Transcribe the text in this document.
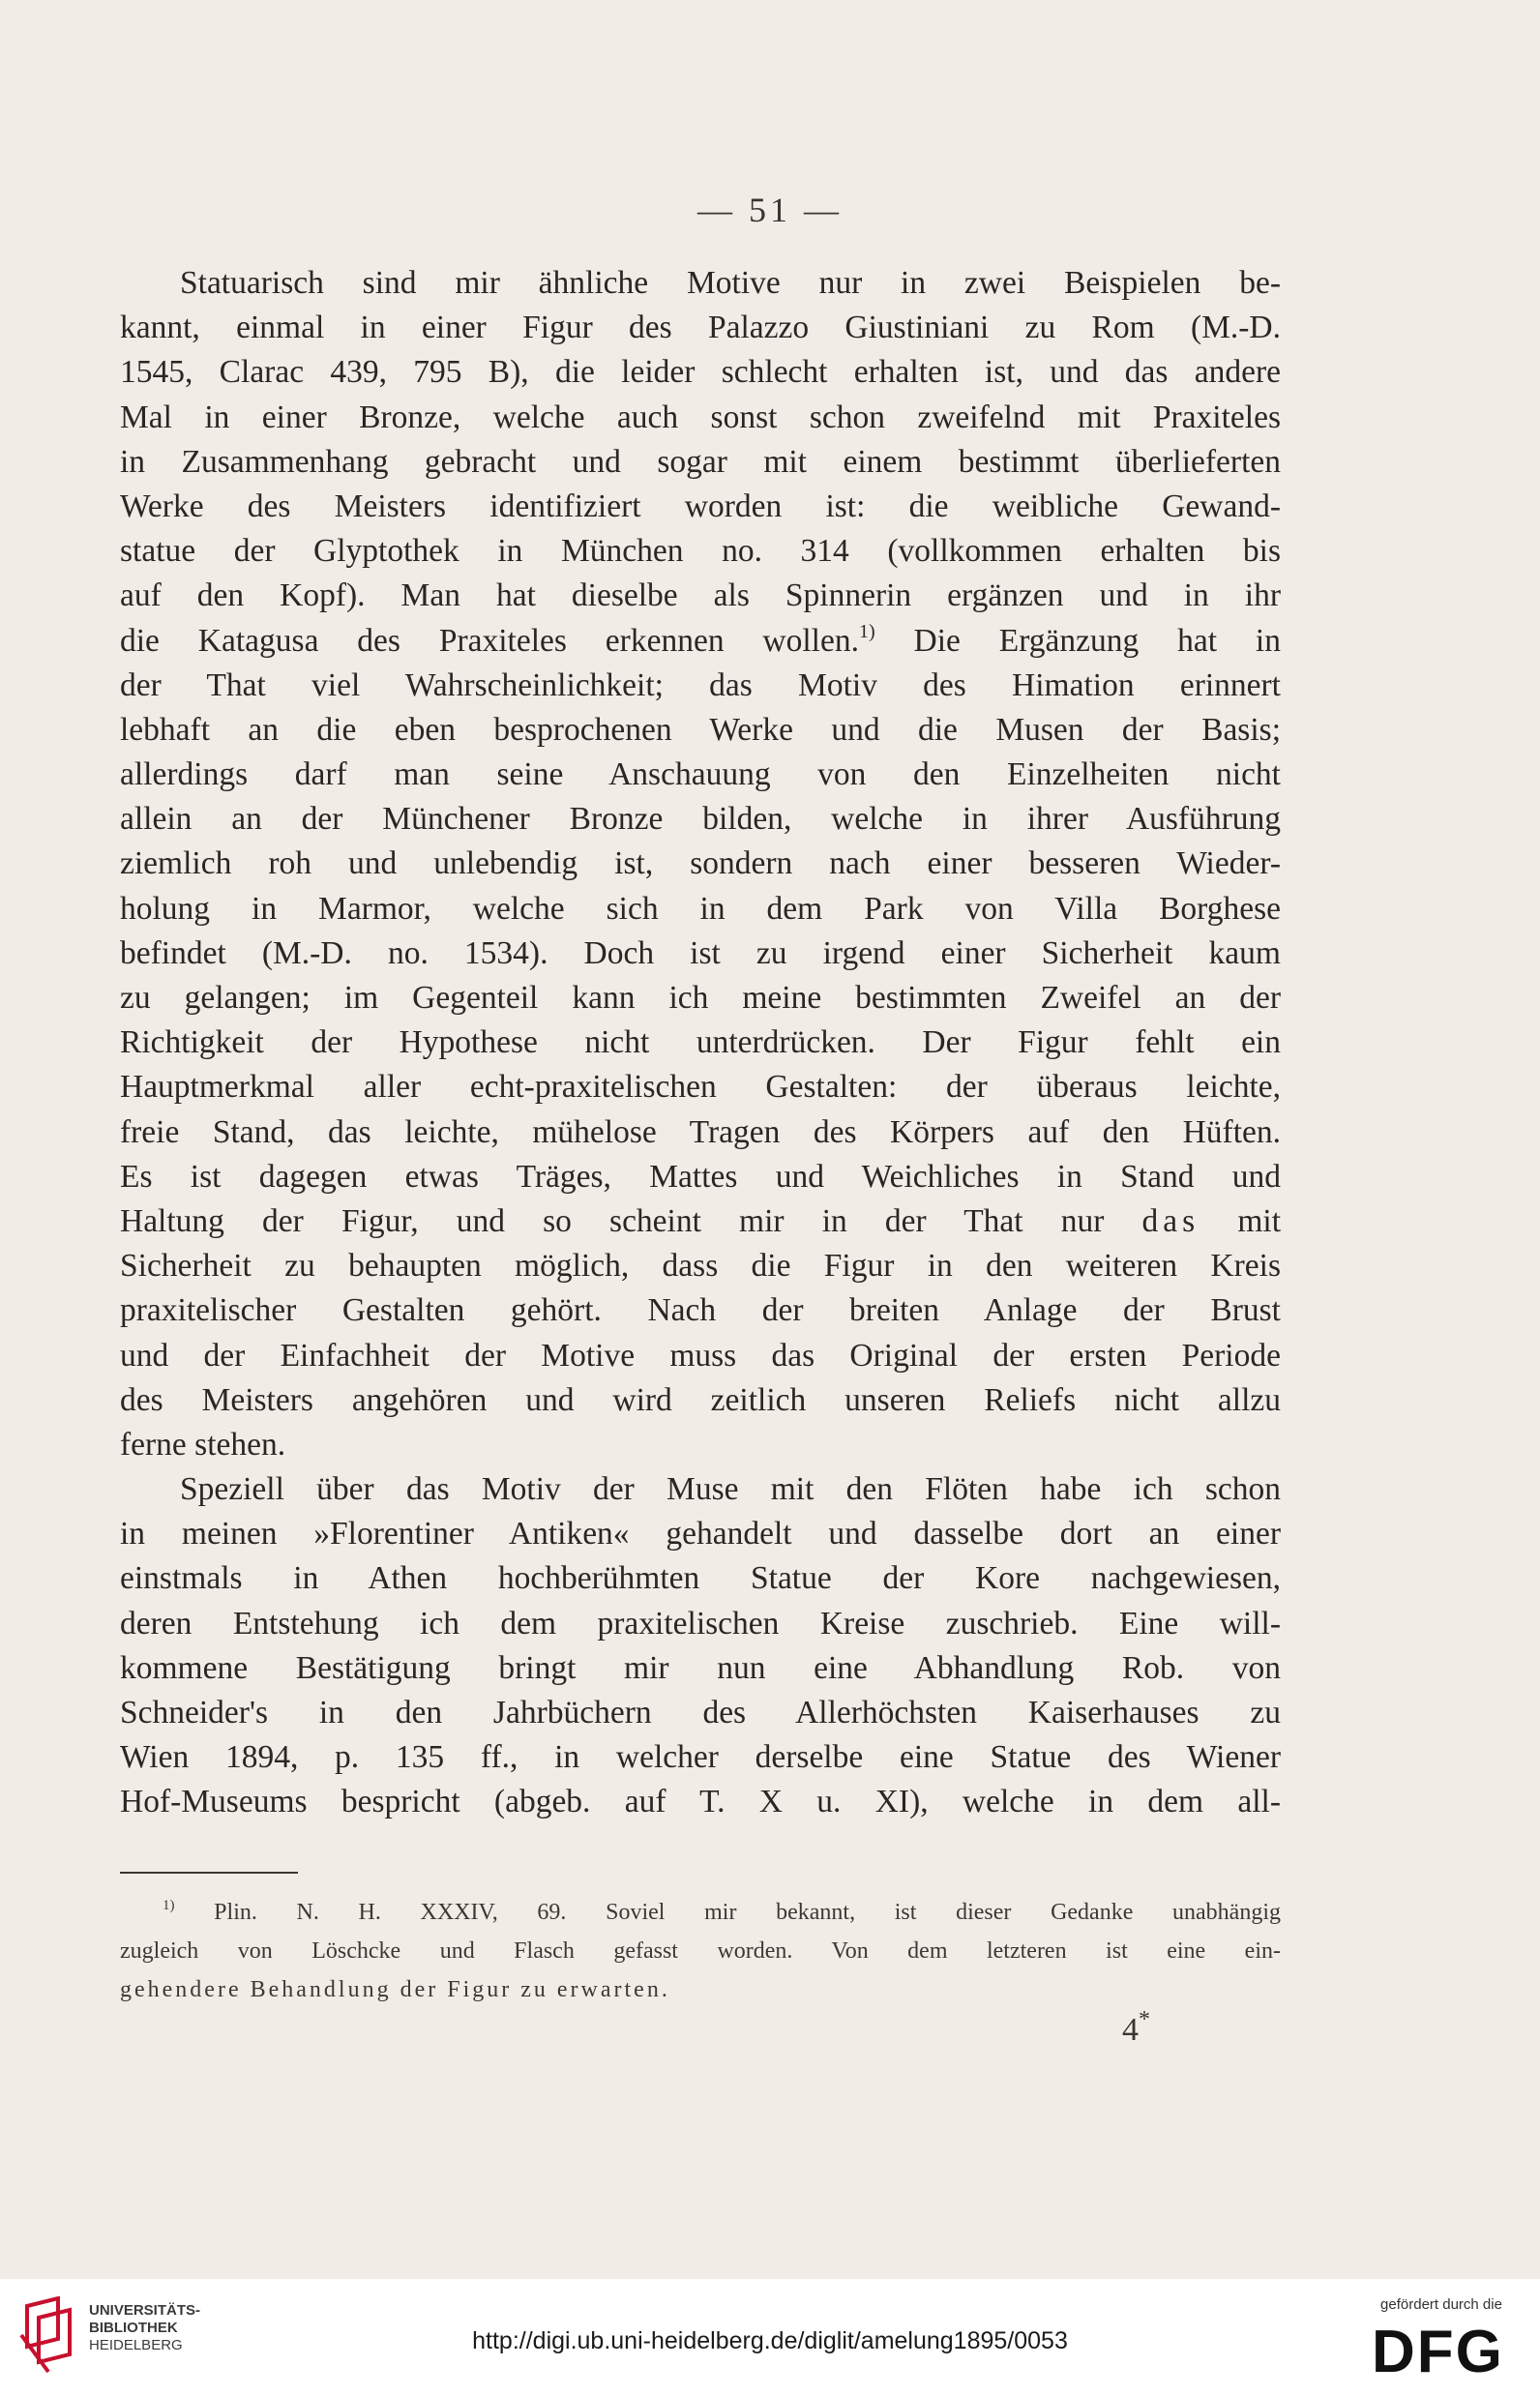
— 51 —
Statuarisch sind mir ähnliche Motive nur in zwei Beispielen be-
kannt, einmal in einer Figur des Palazzo Giustiniani zu Rom (M.-D.
1545, Clarac 439, 795 B), die leider schlecht erhalten ist, und das andere
Mal in einer Bronze, welche auch sonst schon zweifelnd mit Praxiteles
in Zusammenhang gebracht und sogar mit einem bestimmt überlieferten
Werke des Meisters identifiziert worden ist: die weibliche Gewand-
statue der Glyptothek in München no. 314 (vollkommen erhalten bis
auf den Kopf). Man hat dieselbe als Spinnerin ergänzen und in ihr
die Katagusa des Praxiteles erkennen wollen.$^{1)}$ Die Ergänzung hat in
der That viel Wahrscheinlichkeit; das Motiv des Himation erinnert
lebhaft an die eben besprochenen Werke und die Musen der Basis;
allerdings darf man seine Anschauung von den Einzelheiten nicht
allein an der Münchener Bronze bilden, welche in ihrer Ausführung
ziemlich roh und unlebendig ist, sondern nach einer besseren Wieder-
holung in Marmor, welche sich in dem Park von Villa Borghese
befindet (M.-D. no. 1534). Doch ist zu irgend einer Sicherheit kaum
zu gelangen; im Gegenteil kann ich meine bestimmten Zweifel an der
Richtigkeit der Hypothese nicht unterdrücken. Der Figur fehlt ein
Hauptmerkmal aller echt-praxitelischen Gestalten: der überaus leichte,
freie Stand, das leichte, mühelose Tragen des Körpers auf den Hüften.
Es ist dagegen etwas Träges, Mattes und Weichliches in Stand und
Haltung der Figur, und so scheint mir in der That nur das mit
Sicherheit zu behaupten möglich, dass die Figur in den weiteren Kreis
praxitelischer Gestalten gehört. Nach der breiten Anlage der Brust
und der Einfachheit der Motive muss das Original der ersten Periode
des Meisters angehören und wird zeitlich unseren Reliefs nicht allzu
ferne stehen.
Speziell über das Motiv der Muse mit den Flöten habe ich schon
in meinen »Florentiner Antiken« gehandelt und dasselbe dort an einer
einstmals in Athen hochberühmten Statue der Kore nachgewiesen,
deren Entstehung ich dem praxitelischen Kreise zuschrieb. Eine will-
kommene Bestätigung bringt mir nun eine Abhandlung Rob. von
Schneider's in den Jahrbüchern des Allerhöchsten Kaiserhauses zu
Wien 1894, p. 135 ff., in welcher derselbe eine Statue des Wiener
Hof-Museums bespricht (abgeb. auf T. X u. XI), welche in dem all-
$^{1)}$ Plin. N. H. XXXIV, 69. Soviel mir bekannt, ist dieser Gedanke unabhängig
zugleich von Löschcke und Flasch gefasst worden. Von dem letzteren ist eine ein-
gehendere Behandlung der Figur zu erwarten.
4*
UNIVERSITÄTS-
BIBLIOTHEK
HEIDELBERG	http://digi.ub.uni-heidelberg.de/diglit/amelung1895/0053
gefördert durch die
DFG
